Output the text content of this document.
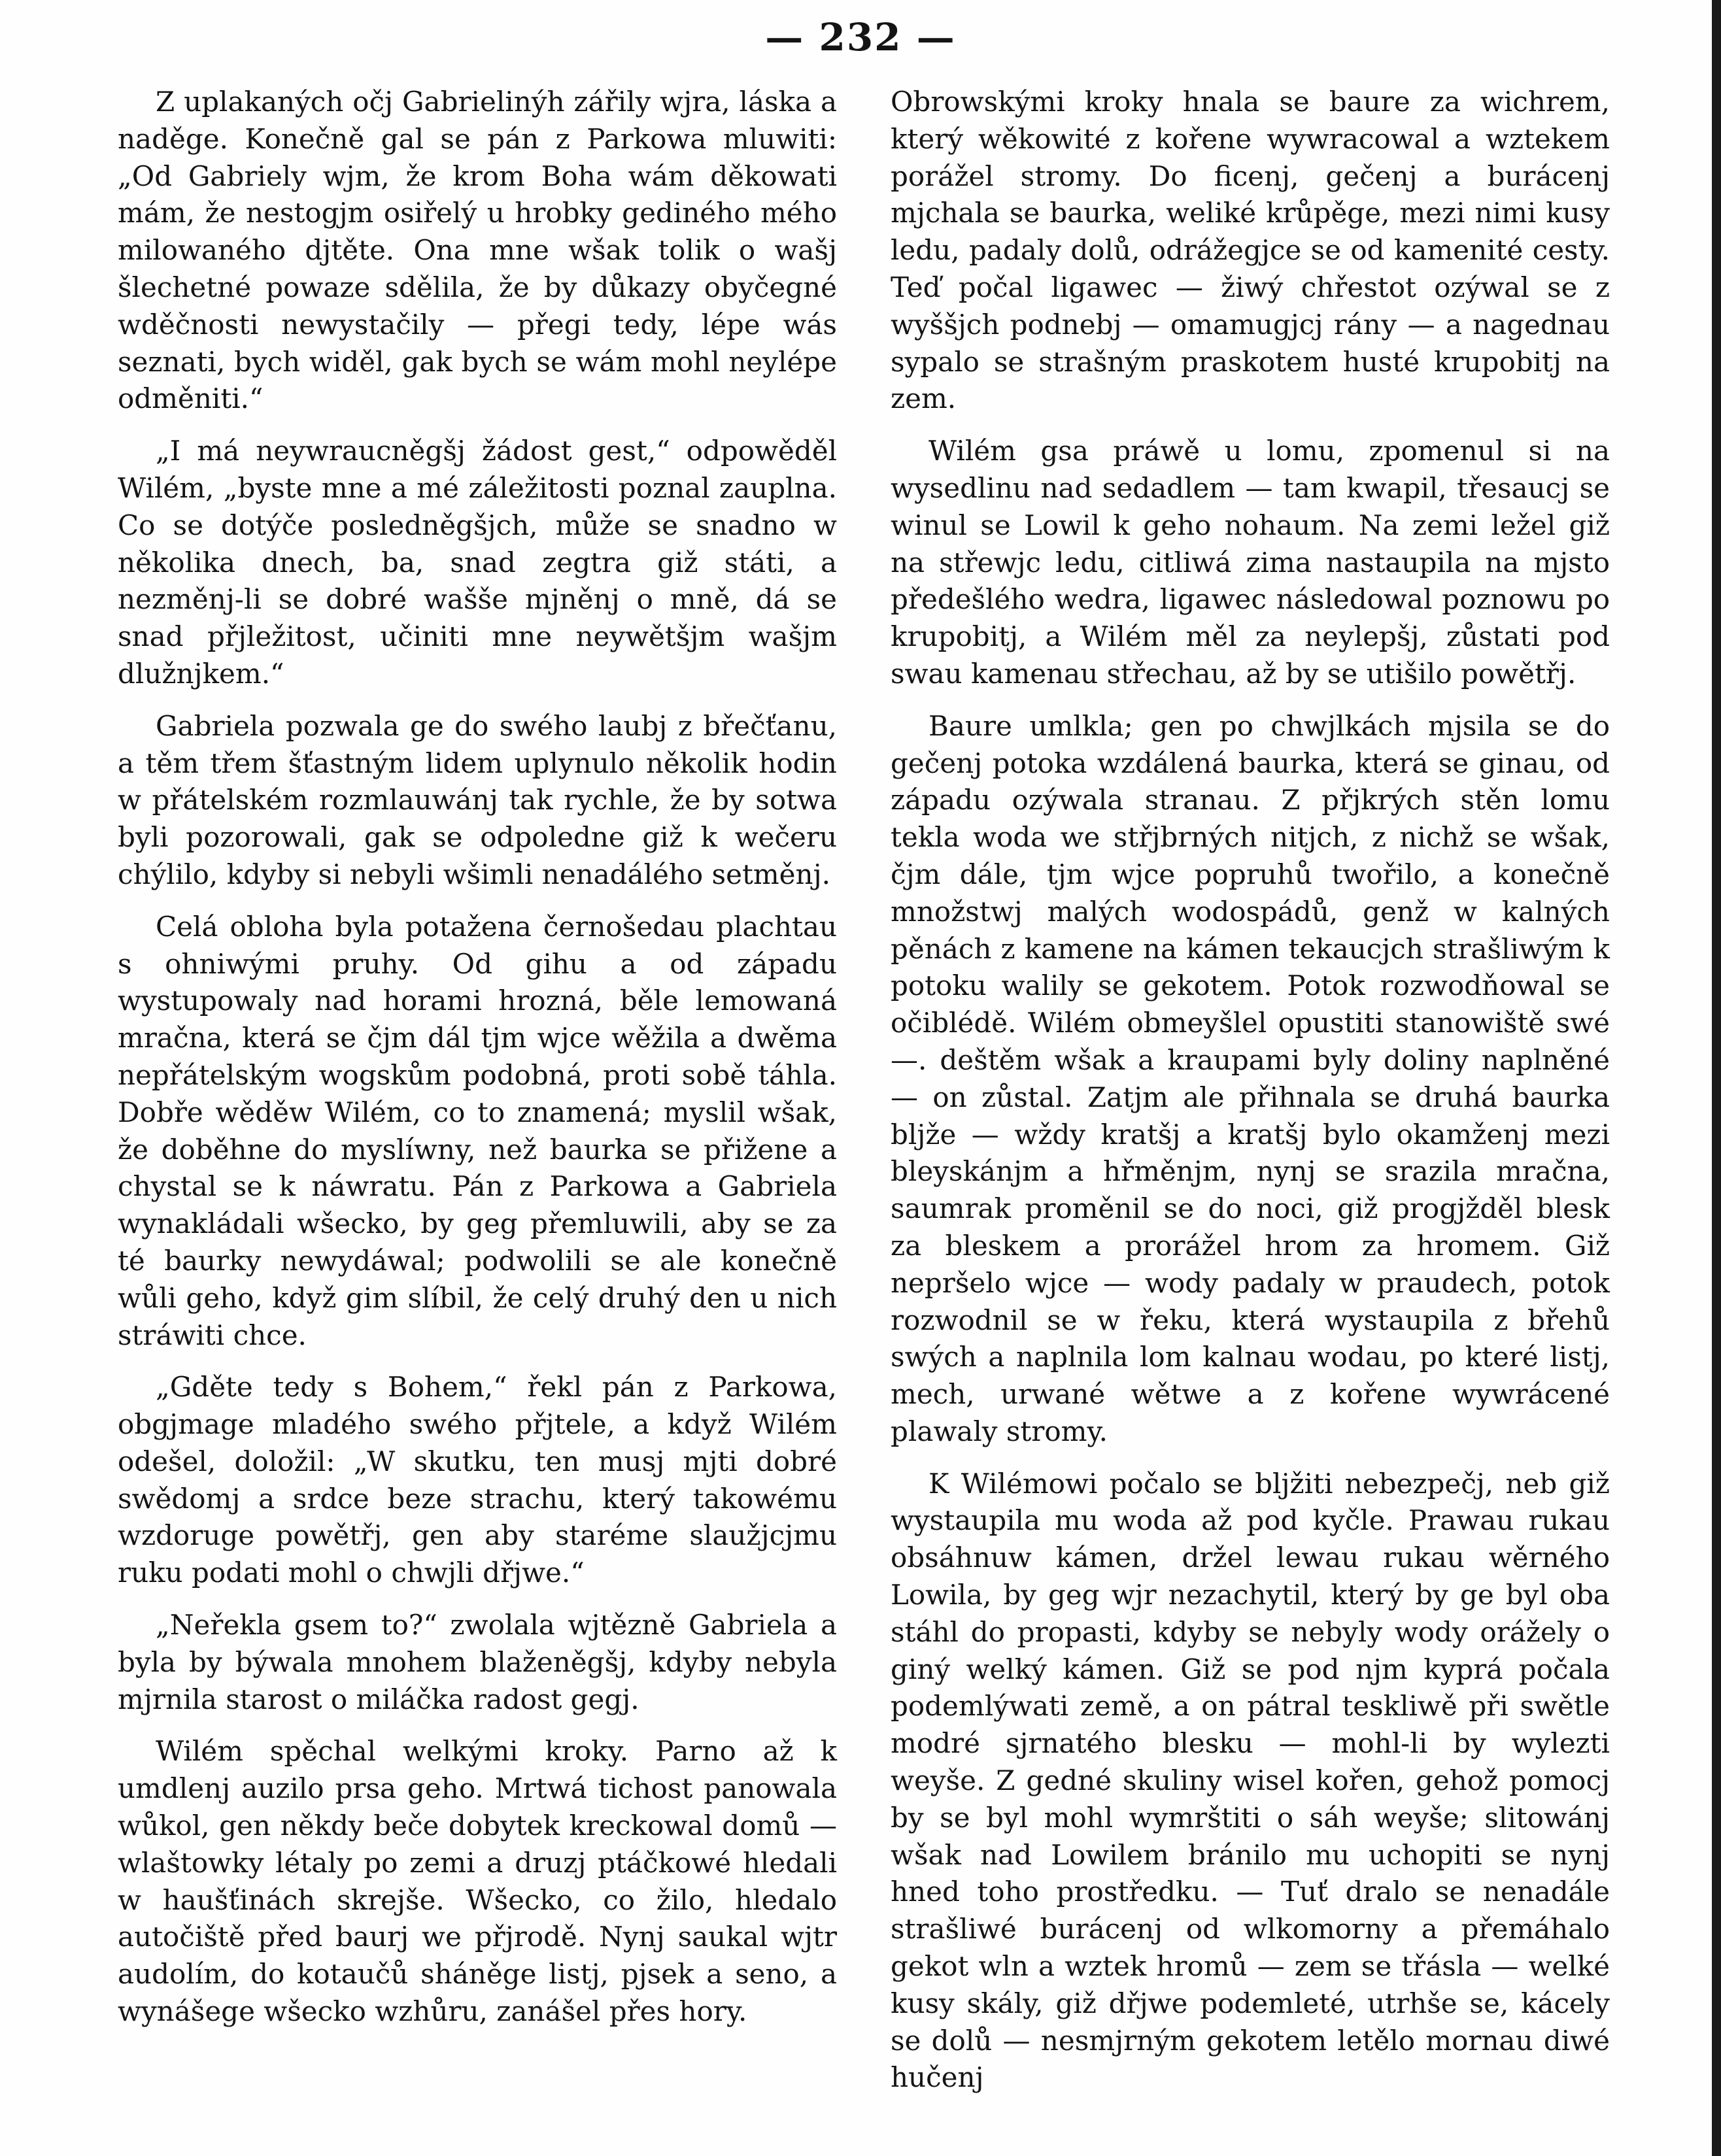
— 232 —

Z uplakaných očj Gabrielinýh zářily wjra, láska a naděge. Konečně gal se pán z Parkowa mluwiti: „Od Gabriely wjm, že krom Boha wám děkowati mám, že nestogjm osiřelý u hrobky gediného mého milowaného djtěte. Ona mne wšak tolik o wašj šlechetné powaze sdělila, že by důkazy obyčegné wděčnosti newystačily — přegi tedy, lépe wás seznati, bych widěl, gak bych se wám mohl neylépe odměniti.“

„I má neywraucněgšj žádost gest,“ odpowěděl Wilém, „byste mne a mé záležitosti poznal zauplna. Co se dotýče posledněgšjch, může se snadno w několika dnech, ba, snad zegtra giž státi, a nezměnj-li se dobré wašše mjněnj o mně, dá se snad přjležitost, učiniti mne neywětšjm wašjm dlužnjkem.“

Gabriela pozwala ge do swého laubj z břečťanu, a těm třem šťastným lidem uplynulo několik hodin w přátelském rozmlauwánj tak rychle, že by sotwa byli pozorowali, gak se odpoledne giž k wečeru chýlilo, kdyby si nebyli wšimli nenadálého setměnj.

Celá obloha byla potažena černošedau plachtau s ohniwými pruhy. Od gihu a od západu wystupowaly nad horami hrozná, běle lemowaná mračna, která se čjm dál tjm wjce wěžila a dwěma nepřátelským wogskům podobná, proti sobě táhla. Dobře wěděw Wilém, co to znamená; myslil wšak, že doběhne do myslíwny, než baurka se přižene a chystal se k náwratu. Pán z Parkowa a Gabriela wynakládali wšecko, by geg přemluwili, aby se za té baurky newydáwal; podwolili se ale konečně wůli geho, když gim slíbil, že celý druhý den u nich stráwiti chce.

„Gděte tedy s Bohem,“ řekl pán z Parkowa, obgjmage mladého swého přjtele, a když Wilém odešel, doložil: „W skutku, ten musj mjti dobré swědomj a srdce beze strachu, který takowému wzdoruge powětřj, gen aby staréme slaužjcjmu ruku podati mohl o chwjli dřjwe.“

„Neřekla gsem to?“ zwolala wjtězně Gabriela a byla by býwala mnohem blaženěgšj, kdyby nebyla mjrnila starost o miláčka radost gegj.

Wilém spěchal welkými kroky. Parno až k umdlenj auzilo prsa geho. Mrtwá tichost panowala wůkol, gen někdy beče dobytek kreckowal domů — wlaštowky létaly po zemi a druzj ptáčkowé hledali w haušťinách skrejše. Wšecko, co žilo, hledalo autočiště před baurj we přjrodě. Nynj saukal wjtr audolím, do kotaučů sháněge listj, pjsek a seno, a wynášege wšecko wzhůru, zanášel přes hory.

Obrowskými kroky hnala se baure za wichrem, který wěkowité z kořene wywracowal a wztekem porážel stromy. Do ficenj, gečenj a burácenj mjchala se baurka, weliké krůpěge, mezi nimi kusy ledu, padaly dolů, odrážegjce se od kamenité cesty. Teď počal ligawec — žiwý chřestot ozýwal se z wyššjch podnebj — omamugjcj ránу — a nagednau sypalo se strašným praskotem husté krupobitj na zem.

Wilém gsa práwě u lomu, zpomenul si na wysedlinu nad sedadlem — tam kwapil, třesaucj se winul se Lowil k geho nohaum. Na zemi ležel giž na střewjc ledu, citliwá zima nastaupila na mjsto předešlého wedra, ligawec následowal poznowu po krupobitj, a Wilém měl za neylepšj, zůstati pod swau kamenau střechau, až by se utišilo powětřj.

Baure umlkla; gen po chwjlkách mjsila se do gečenj potoka wzdálená baurka, která se ginau, od západu ozýwala stranau. Z přjkrých stěn lomu tekla woda we střjbrných nitjch, z nichž se wšak, čjm dále, tjm wjce popruhů twořilo, a konečně množstwj malých wodospádů, genž w kalných pěnách z kamene na kámen tekaucjch strašliwým k potoku walily se gekotem. Potok rozwodňowal se očiblédě. Wilém obmeyšlel opustiti stanowiště swé —. deštěm wšak a kraupami byly doliny naplněné — on zůstal. Zatjm ale přihnala se druhá baurka blјže — wždy kratšj a kratšj bylo okamženj mezi bleyskánjm a hřměnjm, nynj se srazila mračna, saumrak proměnil se do noci, giž progjžděl blesk za bleskem a prorážel hrom za hromem. Giž nepršelo wjce — wody padaly w praudech, potok rozwodnil se w řeku, která wystaupila z břehů swých a naplnila lom kalnau wodau, po které listj, mech, urwané wětwe a z kořene wywrácené plawaly stromy.

K Wilémowi počalo se blјžiti nebezpečj, neb giž wystaupila mu woda až pod kyčle. Prawau rukau obsáhnuw kámen, držel lewau rukau wěrného Lowila, by geg wjr nezachytil, který by ge byl oba stáhl do propasti, kdyby se nebyly wody orážely o giný welký kámen. Giž se pod njm kyprá počala podemlýwati země, a on pátral teskliwě při swětle modré sjrnatého blesku — mohl-li by wylezti weyše. Z gedné skuliny wisel kořen, gehož pomocj by se byl mohl wymrštiti o sáh weyše; slitowánj wšak nad Lowilem bránilo mu uchopiti se nynj hned toho prostředku. — Tuť dralo se nenadále strašliwé burácenj od wlkomorny a přemáhalo gekot wln a wztek hromů — zem se třásla — welké kusy skály, giž dřjwe podemleté, utrhše se, kácely se dolů — nesmjrným gekotem letělo mornau diwé hučenj
